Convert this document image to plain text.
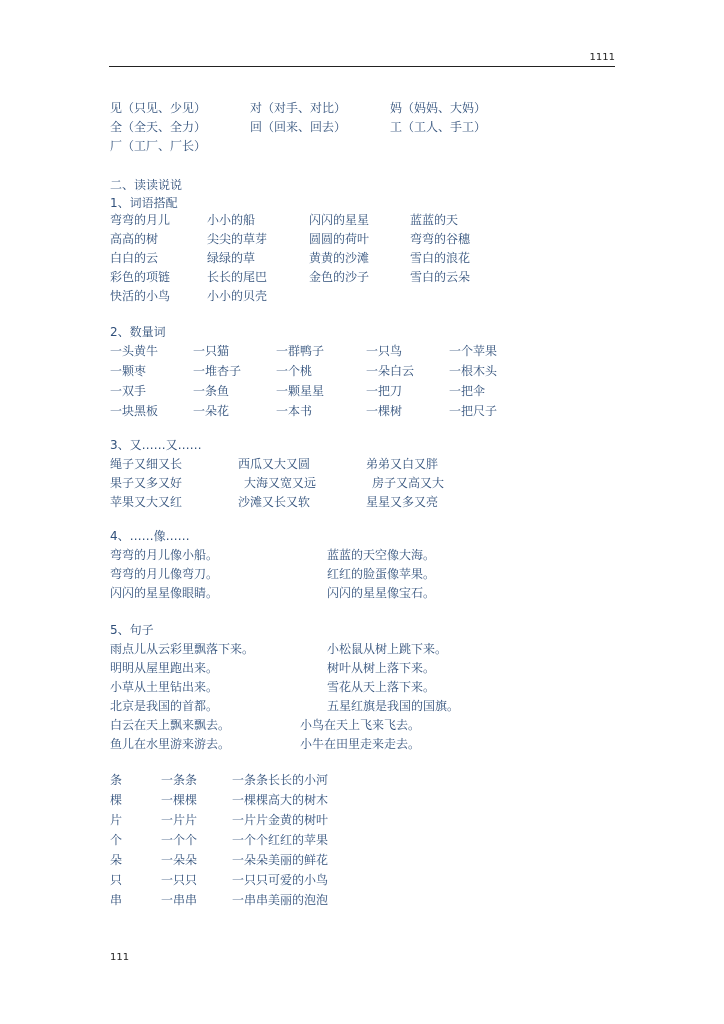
1111
见（只见、少见）	对（对手、对比）	妈（妈妈、大妈）
全（全天、全力）	回（回来、回去）	工（工人、手工）
厂（工厂、厂长）
二、读读说说
1、词语搭配
弯弯的月儿	小小的船	闪闪的星星	蓝蓝的天
高高的树	尖尖的草芽	圆圆的荷叶	弯弯的谷穗
白白的云	绿绿的草	黄黄的沙滩	雪白的浪花
彩色的项链	长长的尾巴	金色的沙子	雪白的云朵
快活的小鸟	小小的贝壳
2、数量词
一头黄牛	一只猫	一群鸭子	一只鸟	一个苹果
一颗枣	一堆杏子	一个桃	一朵白云	一根木头
一双手	一条鱼	一颗星星	一把刀	一把伞
一块黑板	一朵花	一本书	一棵树	一把尺子
3、又……又……
绳子又细又长	西瓜又大又圆	弟弟又白又胖
果子又多又好	大海又宽又远	房子又高又大
苹果又大又红	沙滩又长又软	星星又多又亮
4、……像……
弯弯的月儿像小船。	蓝蓝的天空像大海。
弯弯的月儿像弯刀。	红红的脸蛋像苹果。
闪闪的星星像眼睛。	闪闪的星星像宝石。
5、句子
雨点儿从云彩里飘落下来。	小松鼠从树上跳下来。
明明从屋里跑出来。	树叶从树上落下来。
小草从土里钻出来。	雪花从天上落下来。
北京是我国的首都。	五星红旗是我国的国旗。
白云在天上飘来飘去。	小鸟在天上飞来飞去。
鱼儿在水里游来游去。	小牛在田里走来走去。
条	一条条	一条条长长的小河
棵	一棵棵	一棵棵高大的树木
片	一片片	一片片金黄的树叶
个	一个个	一个个红红的苹果
朵	一朵朵	一朵朵美丽的鲜花
只	一只只	一只只可爱的小鸟
串	一串串	一串串美丽的泡泡
111
